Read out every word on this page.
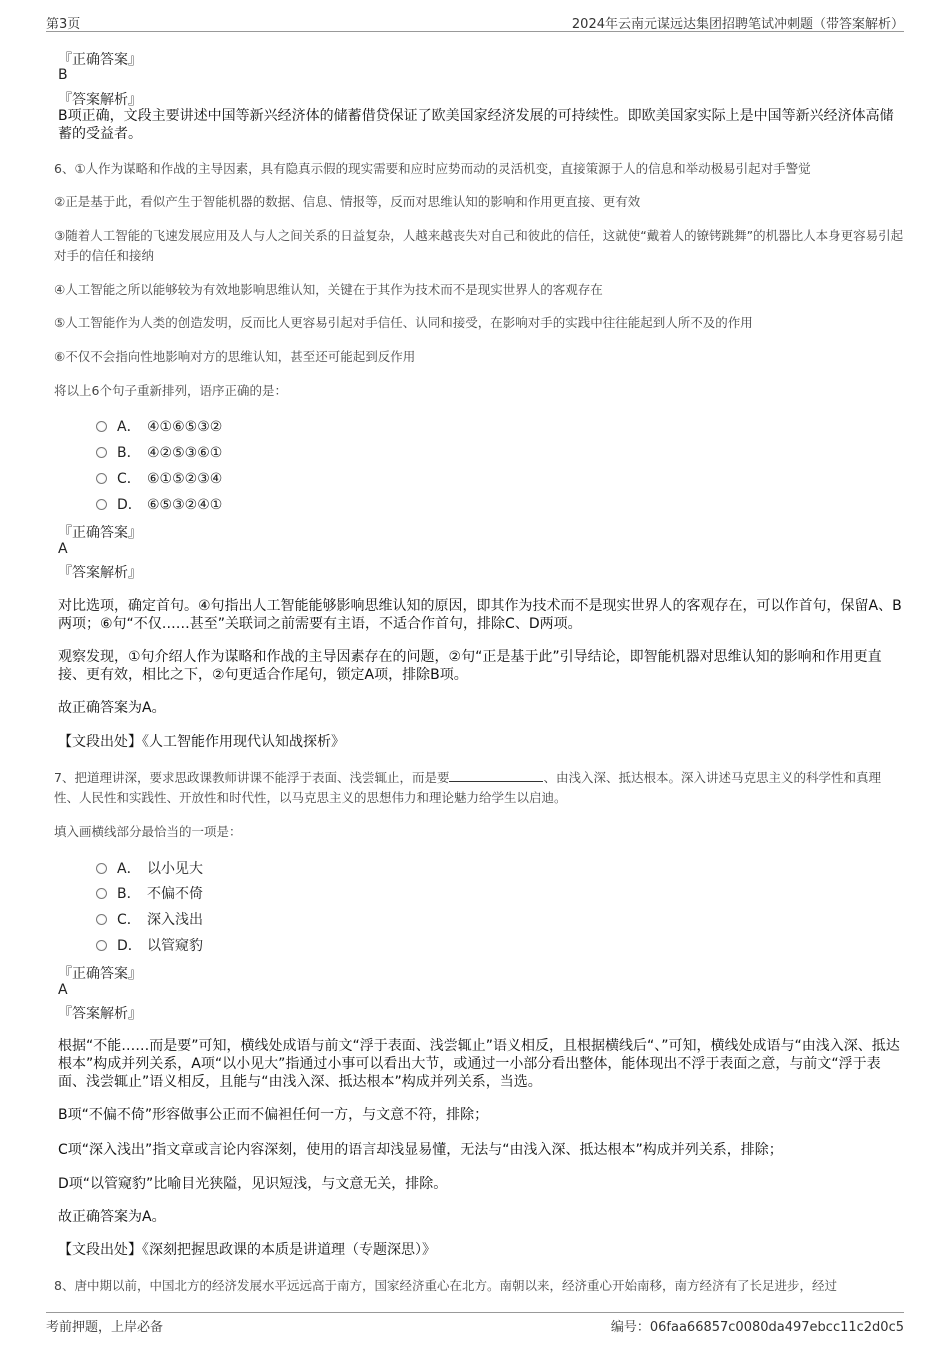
第3页	2024年云南元谋远达集团招聘笔试冲刺题（带答案解析）
『正确答案』
B
『答案解析』
B项正确，文段主要讲述中国等新兴经济体的储蓄借贷保证了欧美国家经济发展的可持续性。即欧美国家实际上是中国等新兴经济体高储蓄的受益者。
6、①人作为谋略和作战的主导因素，具有隐真示假的现实需要和应时应势而动的灵活机变，直接策源于人的信息和举动极易引起对手警觉
②正是基于此，看似产生于智能机器的数据、信息、情报等，反而对思维认知的影响和作用更直接、更有效
③随着人工智能的飞速发展应用及人与人之间关系的日益复杂，人越来越丧失对自己和彼此的信任，这就使“戴着人的镣铐跳舞”的机器比人本身更容易引起对手的信任和接纳
④人工智能之所以能够较为有效地影响思维认知，关键在于其作为技术而不是现实世界人的客观存在
⑤人工智能作为人类的创造发明，反而比人更容易引起对手信任、认同和接受，在影响对手的实践中往往能起到人所不及的作用
⑥不仅不会指向性地影响对方的思维认知，甚至还可能起到反作用
将以上6个句子重新排列，语序正确的是：
A． ④①⑥⑤③②
B． ④②⑤③⑥①
C． ⑥①⑤②③④
D． ⑥⑤③②④①
『正确答案』
A
『答案解析』
对比选项，确定首句。④句指出人工智能能够影响思维认知的原因，即其作为技术而不是现实世界人的客观存在，可以作首句，保留A、B两项；⑥句“不仅……甚至”关联词之前需要有主语，不适合作首句，排除C、D两项。
观察发现，①句介绍人作为谋略和作战的主导因素存在的问题，②句“正是基于此”引导结论，即智能机器对思维认知的影响和作用更直接、更有效，相比之下，②句更适合作尾句，锁定A项，排除B项。
故正确答案为A。
【文段出处】《人工智能作用现代认知战探析》
7、把道理讲深，要求思政课教师讲课不能浮于表面、浅尝辄止，而是要	、由浅入深、抵达根本。深入讲述马克思主义的科学性和真理性、人民性和实践性、开放性和时代性，以马克思主义的思想伟力和理论魅力给学生以启迪。
填入画横线部分最恰当的一项是：
A． 以小见大
B． 不偏不倚
C． 深入浅出
D． 以管窥豹
『正确答案』
A
『答案解析』
根据“不能……而是要”可知，横线处成语与前文“浮于表面、浅尝辄止”语义相反，且根据横线后“、”可知，横线处成语与“由浅入深、抵达根本”构成并列关系，A项“以小见大”指通过小事可以看出大节，或通过一小部分看出整体，能体现出不浮于表面之意，与前文“浮于表面、浅尝辄止”语义相反，且能与“由浅入深、抵达根本”构成并列关系，当选。
B项“不偏不倚”形容做事公正而不偏袒任何一方，与文意不符，排除；
C项“深入浅出”指文章或言论内容深刻，使用的语言却浅显易懂，无法与“由浅入深、抵达根本”构成并列关系，排除；
D项“以管窥豹”比喻目光狭隘，见识短浅，与文意无关，排除。
故正确答案为A。
【文段出处】《深刻把握思政课的本质是讲道理（专题深思）》
8、唐中期以前，中国北方的经济发展水平远远高于南方，国家经济重心在北方。南朝以来，经济重心开始南移，南方经济有了长足进步，经过
考前押题，上岸必备	编号：06faa66857c0080da497ebcc11c2d0c5
